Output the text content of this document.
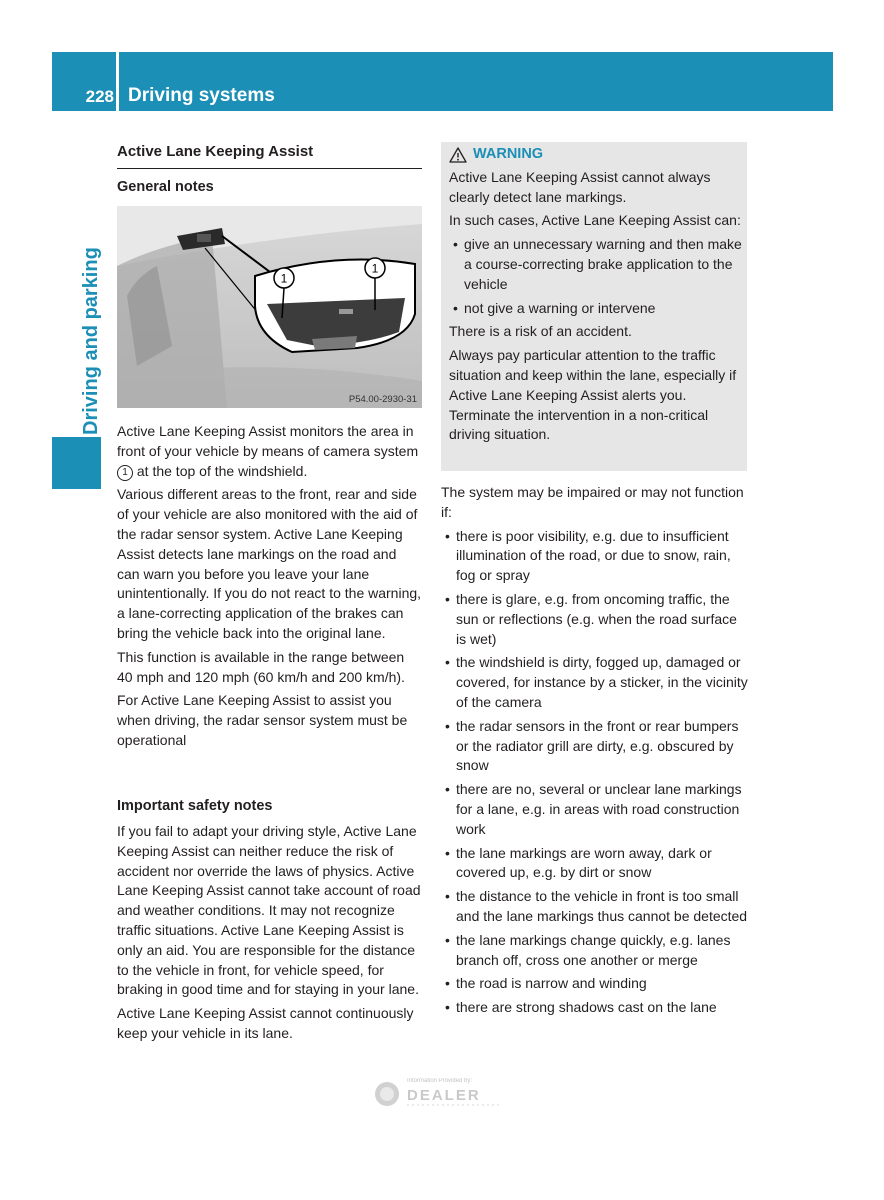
228 Driving systems
Driving and parking
Active Lane Keeping Assist
General notes
1
1
P54.00-2930-31

Active Lane Keeping Assist monitors the area in front of your vehicle by means of camera system 1 at the top of the windshield.

Various different areas to the front, rear and side of your vehicle are also monitored with the aid of the radar sensor system. Active Lane Keeping Assist detects lane markings on the road and can warn you before you leave your lane unintentionally. If you do not react to the warning, a lane-correcting application of the brakes can bring the vehicle back into the original lane.

This function is available in the range between 40 mph and 120 mph (60 km/h and 200 km/h).

For Active Lane Keeping Assist to assist you when driving, the radar sensor system must be operational

Important safety notes

If you fail to adapt your driving style, Active Lane Keeping Assist can neither reduce the risk of accident nor override the laws of physics. Active Lane Keeping Assist cannot take account of road and weather conditions. It may not recognize traffic situations. Active Lane Keeping Assist is only an aid. You are responsible for the distance to the vehicle in front, for vehicle speed, for braking in good time and for staying in your lane.

Active Lane Keeping Assist cannot continuously keep your vehicle in its lane.

WARNING

Active Lane Keeping Assist cannot always clearly detect lane markings.

In such cases, Active Lane Keeping Assist can:

• give an unnecessary warning and then make a course-correcting brake application to the vehicle
• not give a warning or intervene

There is a risk of an accident.

Always pay particular attention to the traffic situation and keep within the lane, especially if Active Lane Keeping Assist alerts you. Terminate the intervention in a non-critical driving situation.

The system may be impaired or may not function if:

• there is poor visibility, e.g. due to insufficient illumination of the road, or due to snow, rain, fog or spray
• there is glare, e.g. from oncoming traffic, the sun or reflections (e.g. when the road surface is wet)
• the windshield is dirty, fogged up, damaged or covered, for instance by a sticker, in the vicinity of the camera
• the radar sensors in the front or rear bumpers or the radiator grill are dirty, e.g. obscured by snow
• there are no, several or unclear lane markings for a lane, e.g. in areas with road construction work
• the lane markings are worn away, dark or covered up, e.g. by dirt or snow
• the distance to the vehicle in front is too small and the lane markings thus cannot be detected
• the lane markings change quickly, e.g. lanes branch off, cross one another or merge
• the road is narrow and winding
• there are strong shadows cast on the lane
Information Provided by:
DEALER
